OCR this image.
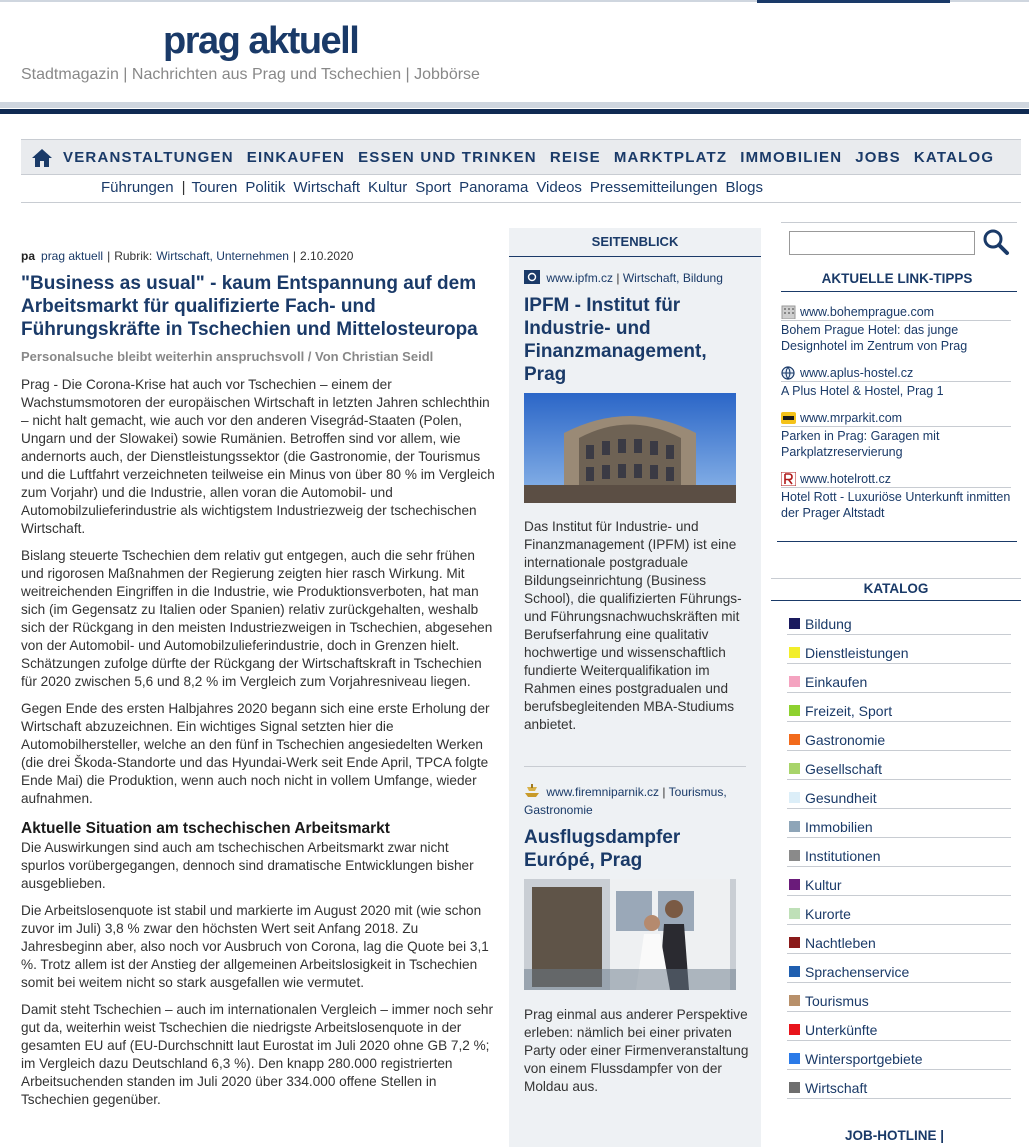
prag aktuell
Stadtmagazin | Nachrichten aus Prag und Tschechien | Jobbörse
VERANSTALTUNGEN EINKAUFEN ESSEN UND TRINKEN REISE MARKTPLATZ IMMOBILIEN JOBS KATALOG
Führungen | Touren Politik Wirtschaft Kultur Sport Panorama Videos Pressemitteilungen Blogs
pa prag aktuell | Rubrik: Wirtschaft, Unternehmen | 2.10.2020
"Business as usual" - kaum Entspannung auf dem Arbeitsmarkt für qualifizierte Fach- und Führungskräfte in Tschechien und Mittelosteuropa
Personalsuche bleibt weiterhin anspruchsvoll / Von Christian Seidl

Prag - Die Corona-Krise hat auch vor Tschechien – einem der Wachstumsmotoren der europäischen Wirtschaft in letzten Jahren schlechthin – nicht halt gemacht, wie auch vor den anderen Visegrád-Staaten (Polen, Ungarn und der Slowakei) sowie Rumänien. Betroffen sind vor allem, wie andernorts auch, der Dienstleistungssektor (die Gastronomie, der Tourismus und die Luftfahrt verzeichneten teilweise ein Minus von über 80 % im Vergleich zum Vorjahr) und die Industrie, allen voran die Automobil- und Automobilzulieferindustrie als wichtigstem Industriezweig der tschechischen Wirtschaft.

Bislang steuerte Tschechien dem relativ gut entgegen, auch die sehr frühen und rigorosen Maßnahmen der Regierung zeigten hier rasch Wirkung. Mit weitreichenden Eingriffen in die Industrie, wie Produktionsverboten, hat man sich (im Gegensatz zu Italien oder Spanien) relativ zurückgehalten, weshalb sich der Rückgang in den meisten Industriezweigen in Tschechien, abgesehen von der Automobil- und Automobilzulieferindustrie, doch in Grenzen hielt. Schätzungen zufolge dürfte der Rückgang der Wirtschaftskraft in Tschechien für 2020 zwischen 5,6 und 8,2 % im Vergleich zum Vorjahresniveau liegen.

Gegen Ende des ersten Halbjahres 2020 begann sich eine erste Erholung der Wirtschaft abzuzeichnen. Ein wichtiges Signal setzten hier die Automobilhersteller, welche an den fünf in Tschechien angesiedelten Werken (die drei Škoda-Standorte und das Hyundai-Werk seit Ende April, TPCA folgte Ende Mai) die Produktion, wenn auch noch nicht in vollem Umfange, wieder aufnahmen.

Aktuelle Situation am tschechischen Arbeitsmarkt

Die Auswirkungen sind auch am tschechischen Arbeitsmarkt zwar nicht spurlos vorübergegangen, dennoch sind dramatische Entwicklungen bisher ausgeblieben.

Die Arbeitslosenquote ist stabil und markierte im August 2020 mit (wie schon zuvor im Juli) 3,8 % zwar den höchsten Wert seit Anfang 2018. Zu Jahresbeginn aber, also noch vor Ausbruch von Corona, lag die Quote bei 3,1 %. Trotz allem ist der Anstieg der allgemeinen Arbeitslosigkeit in Tschechien somit bei weitem nicht so stark ausgefallen wie vermutet.

Damit steht Tschechien – auch im internationalen Vergleich – immer noch sehr gut da, weiterhin weist Tschechien die niedrigste Arbeitslosenquote in der gesamten EU auf (EU-Durchschnitt laut Eurostat im Juli 2020 ohne GB 7,2 %; im Vergleich dazu Deutschland 6,3 %). Den knapp 280.000 registrierten Arbeitsuchenden standen im Juli 2020 über 334.000 offene Stellen in Tschechien gegenüber.

SEITENBLICK
www.ipfm.cz | Wirtschaft, Bildung
IPFM - Institut für Industrie- und Finanzmanagement, Prag
Das Institut für Industrie- und Finanzmanagement (IPFM) ist eine internationale postgraduale Bildungseinrichtung (Business School), die qualifizierten Führungs- und Führungsnachwuchskräften mit Berufserfahrung eine qualitativ hochwertige und wissenschaftlich fundierte Weiterqualifikation im Rahmen eines postgradualen und berufsbegleitenden MBA-Studiums anbietet.
www.firemniparnik.cz | Tourismus, Gastronomie
Ausflugsdampfer Európé, Prag
Prag einmal aus anderer Perspektive erleben: nämlich bei einer privaten Party oder einer Firmenveranstaltung von einem Flussdampfer von der Moldau aus.
AKTUELLE LINK-TIPPS
www.bohemprague.com
Bohem Prague Hotel: das junge Designhotel im Zentrum von Prag
www.aplus-hostel.cz
A Plus Hotel & Hostel, Prag 1
www.mrparkit.com
Parken in Prag: Garagen mit Parkplatzreservierung
www.hotelrott.cz
Hotel Rott - Luxuriöse Unterkunft inmitten der Prager Altstadt
KATALOG
Bildung
Dienstleistungen
Einkaufen
Freizeit, Sport
Gastronomie
Gesellschaft
Gesundheit
Immobilien
Institutionen
Kultur
Kurorte
Nachtleben
Sprachenservice
Tourismus
Unterkünfte
Wintersportgebiete
Wirtschaft
JOB-HOTLINE |
